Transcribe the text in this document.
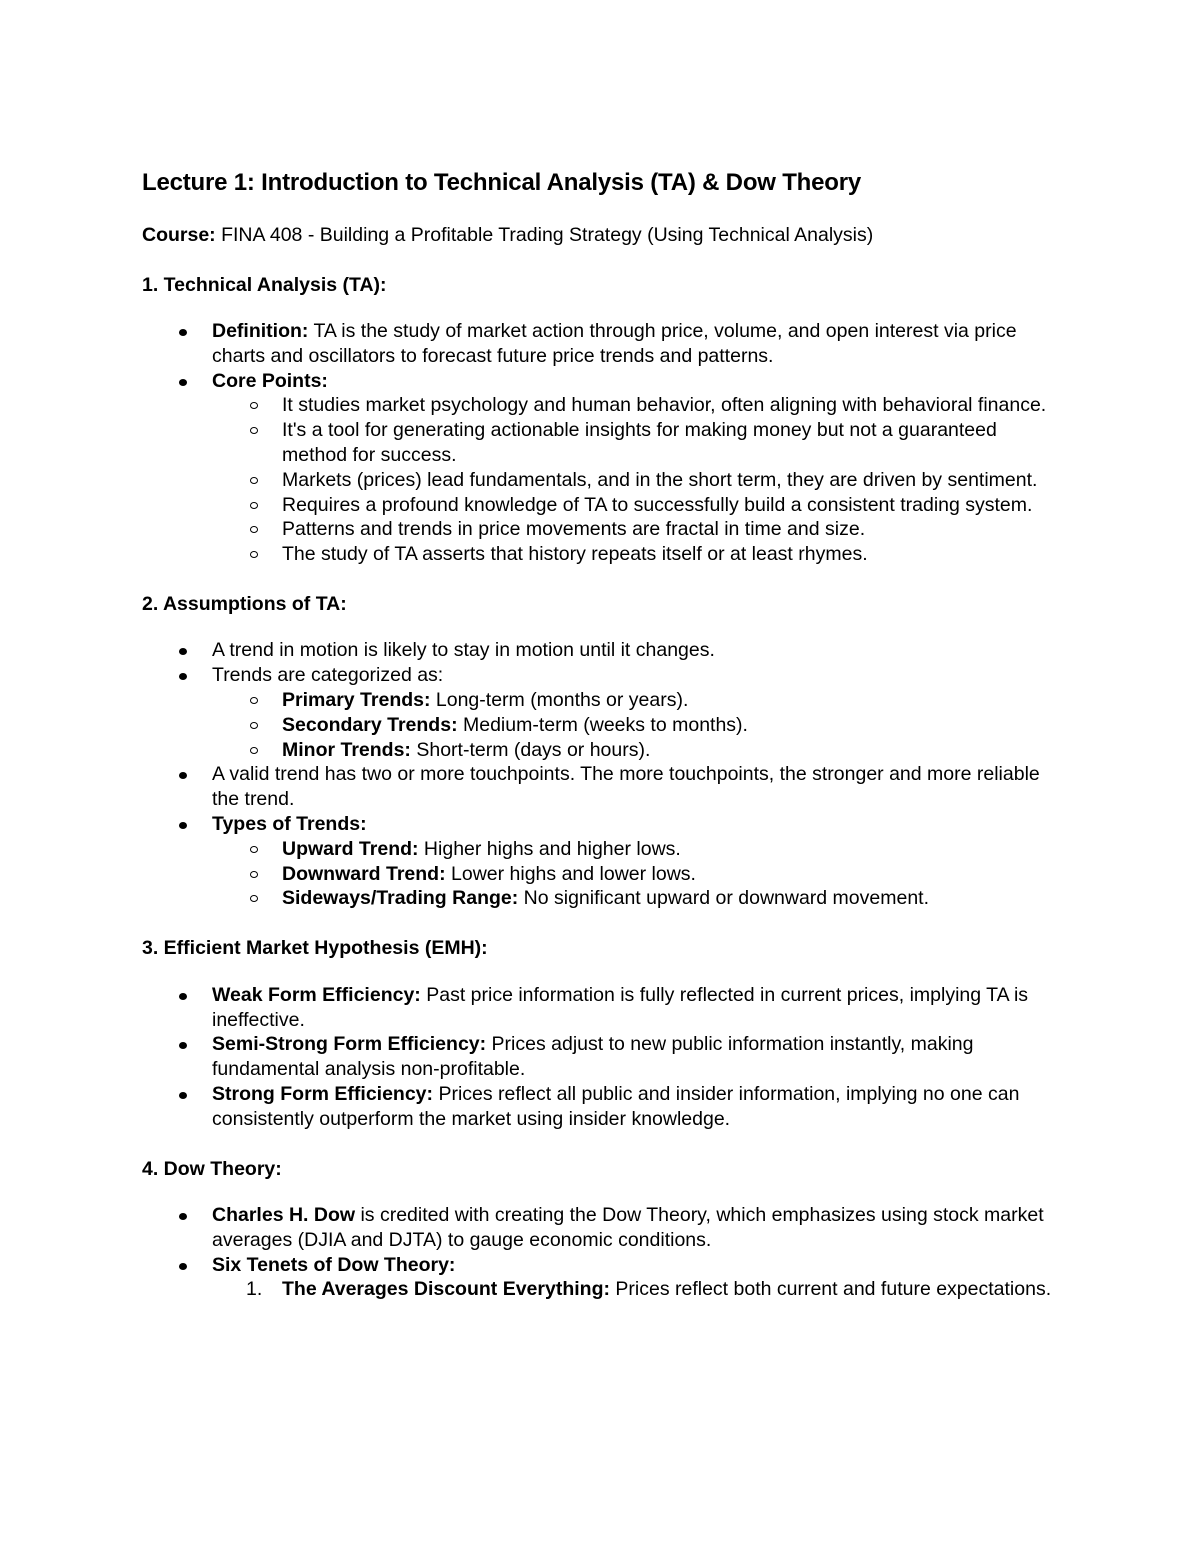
Lecture 1: Introduction to Technical Analysis (TA) & Dow Theory

Course: FINA 408 - Building a Profitable Trading Strategy (Using Technical Analysis)

1. Technical Analysis (TA):

Definition: TA is the study of market action through price, volume, and open interest via price charts and oscillators to forecast future price trends and patterns.
Core Points:
It studies market psychology and human behavior, often aligning with behavioral finance.
It's a tool for generating actionable insights for making money but not a guaranteed method for success.
Markets (prices) lead fundamentals, and in the short term, they are driven by sentiment.
Requires a profound knowledge of TA to successfully build a consistent trading system.
Patterns and trends in price movements are fractal in time and size.
The study of TA asserts that history repeats itself or at least rhymes.

2. Assumptions of TA:

A trend in motion is likely to stay in motion until it changes.
Trends are categorized as:
Primary Trends: Long-term (months or years).
Secondary Trends: Medium-term (weeks to months).
Minor Trends: Short-term (days or hours).
A valid trend has two or more touchpoints. The more touchpoints, the stronger and more reliable the trend.
Types of Trends:
Upward Trend: Higher highs and higher lows.
Downward Trend: Lower highs and lower lows.
Sideways/Trading Range: No significant upward or downward movement.

3. Efficient Market Hypothesis (EMH):

Weak Form Efficiency: Past price information is fully reflected in current prices, implying TA is ineffective.
Semi-Strong Form Efficiency: Prices adjust to new public information instantly, making fundamental analysis non-profitable.
Strong Form Efficiency: Prices reflect all public and insider information, implying no one can consistently outperform the market using insider knowledge.

4. Dow Theory:

Charles H. Dow is credited with creating the Dow Theory, which emphasizes using stock market averages (DJIA and DJTA) to gauge economic conditions.
Six Tenets of Dow Theory:
1. The Averages Discount Everything: Prices reflect both current and future expectations.
